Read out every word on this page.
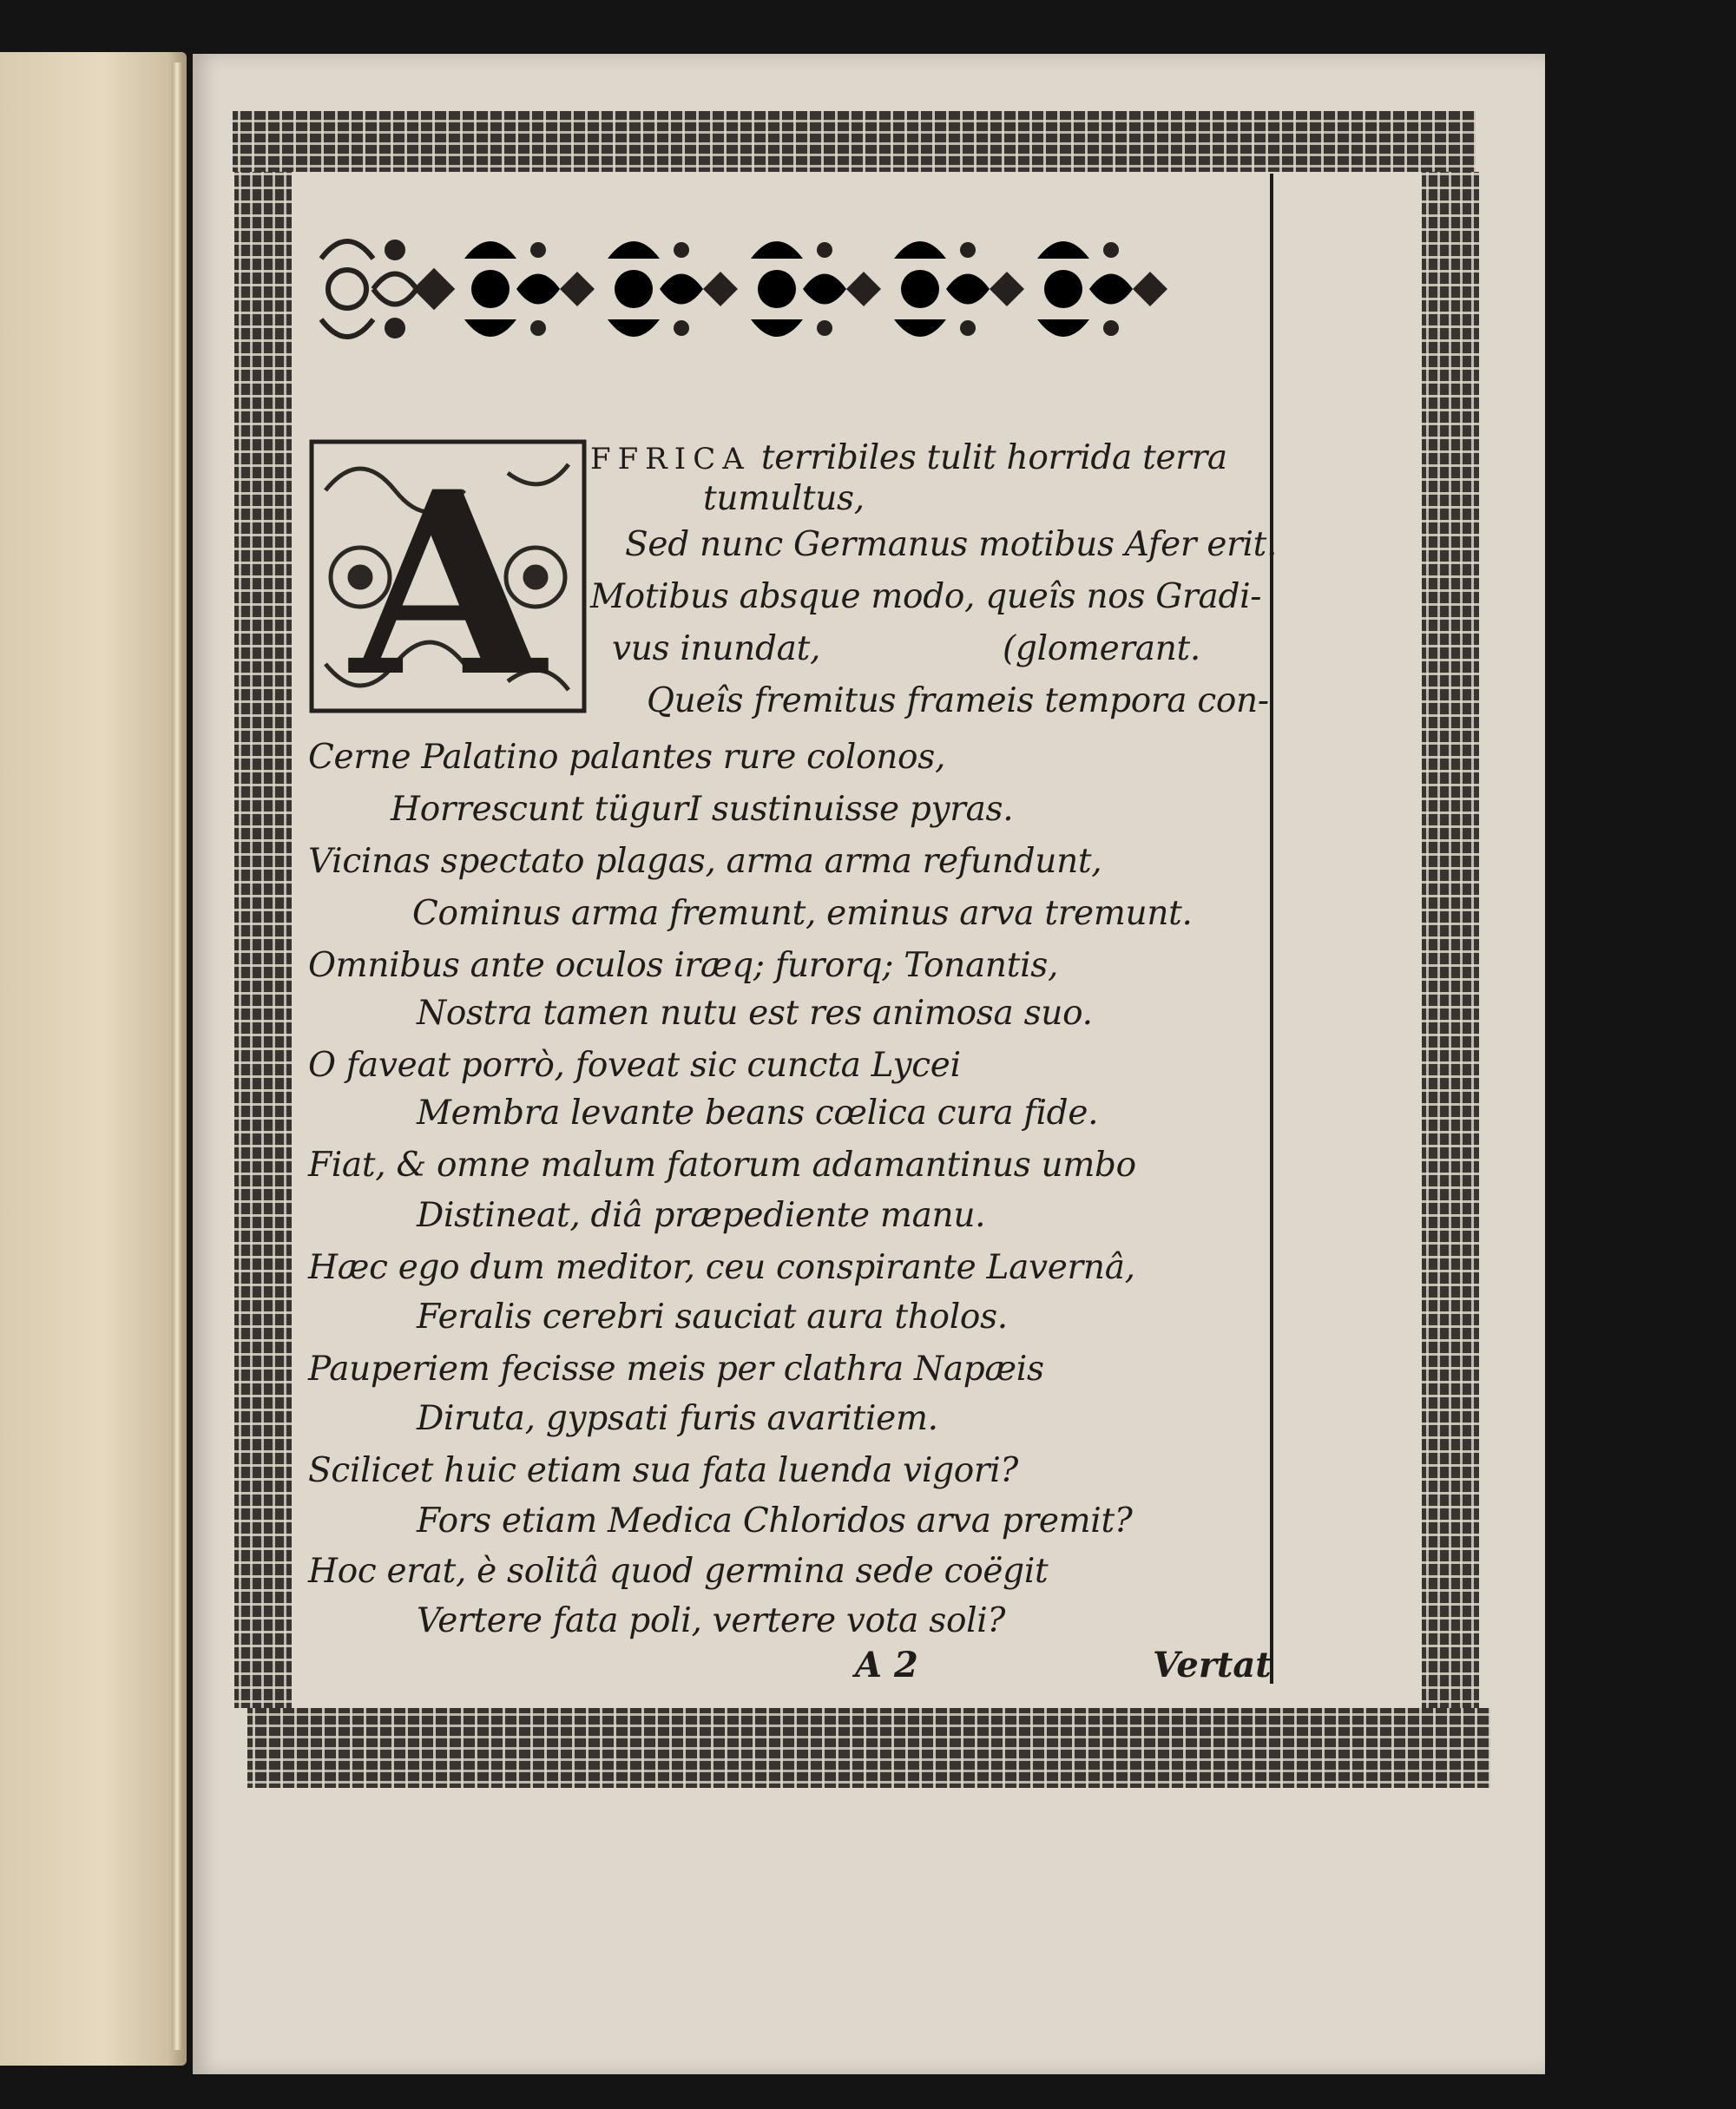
A FFRICA terribiles tulit horrida terra
tumultus,
Sed nunc Germanus motibus Afer erit.
Motibus absque modo, queîs nos Gradi-
vus inundat,	(glomerant.
Queîs fremitus frameis tempora con-
Cerne Palatino palantes rure colonos,
Horrescunt tügurI sustinuisse pyras.
Vicinas spectato plagas, arma arma refundunt,
Cominus arma fremunt, eminus arva tremunt.
Omnibus ante oculos iræq; furorq; Tonantis,
Nostra tamen nutu est res animosa suo.
O faveat porrò, foveat sic cuncta Lycei
Membra levante beans cœlica cura fide.
Fiat, & omne malum fatorum adamantinus umbo
Distineat, diâ præpediente manu.
Hæc ego dum meditor, ceu conspirante Lavernâ,
Feralis cerebri sauciat aura tholos.
Pauperiem fecisse meis per clathra Napæis
Diruta, gypsati furis avaritiem.
Scilicet huic etiam sua fata luenda vigori?
Fors etiam Medica Chloridos arva premit?
Hoc erat, è solitâ quod germina sede coëgit
Vertere fata poli, vertere vota soli?
A 2	Vertat
